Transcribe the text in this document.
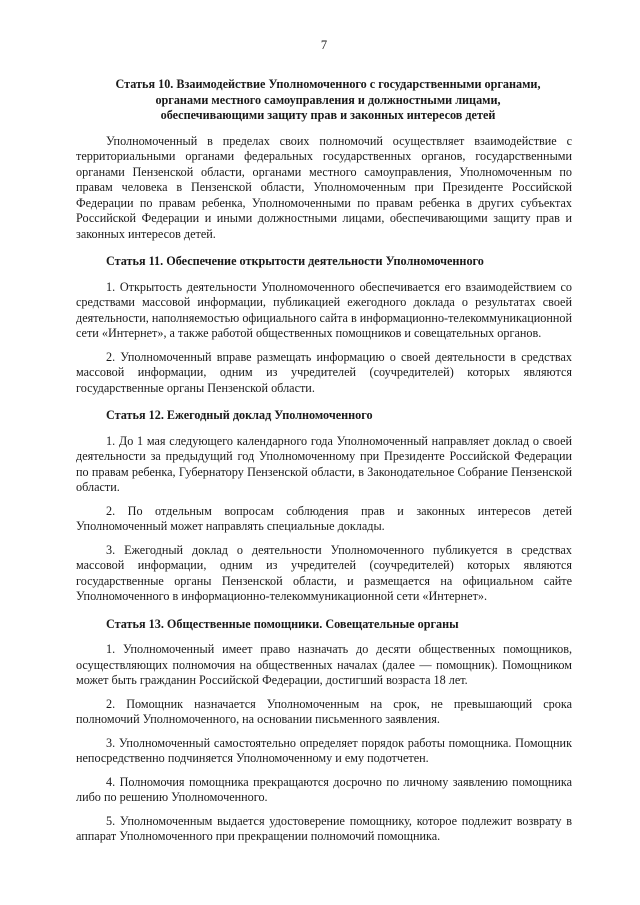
7
Статья 10. Взаимодействие Уполномоченного с государственными органами,
органами местного самоуправления и должностными лицами,
обеспечивающими защиту прав и законных интересов детей

Уполномоченный в пределах своих полномочий осуществляет взаимодействие с территориальными органами федеральных государственных органов, государственными органами Пензенской области, органами местного самоуправления, Уполномоченным по правам человека в Пензенской области, Уполномоченным при Президенте Российской Федерации по правам ребенка, Уполномоченными по правам ребенка в других субъектах Российской Федерации и иными должностными лицами, обеспечивающими защиту прав и законных интересов детей.

Статья 11. Обеспечение открытости деятельности Уполномоченного

1. Открытость деятельности Уполномоченного обеспечивается его взаимодействием со средствами массовой информации, публикацией ежегодного доклада о результатах своей деятельности, наполняемостью официального сайта в информационно-телекоммуникационной сети «Интернет», а также работой общественных помощников и совещательных органов.

2. Уполномоченный вправе размещать информацию о своей деятельности в средствах массовой информации, одним из учредителей (соучредителей) которых являются государственные органы Пензенской области.

Статья 12. Ежегодный доклад Уполномоченного

1. До 1 мая следующего календарного года Уполномоченный направляет доклад о своей деятельности за предыдущий год Уполномоченному при Президенте Российской Федерации по правам ребенка, Губернатору Пензенской области, в Законодательное Собрание Пензенской области.

2. По отдельным вопросам соблюдения прав и законных интересов детей Уполномоченный может направлять специальные доклады.

3. Ежегодный доклад о деятельности Уполномоченного публикуется в средствах массовой информации, одним из учредителей (соучредителей) которых являются государственные органы Пензенской области, и размещается на официальном сайте Уполномоченного в информационно-телекоммуникационной сети «Интернет».

Статья 13. Общественные помощники. Совещательные органы

1. Уполномоченный имеет право назначать до десяти общественных помощников, осуществляющих полномочия на общественных началах (далее — помощник). Помощником может быть гражданин Российской Федерации, достигший возраста 18 лет.

2. Помощник назначается Уполномоченным на срок, не превышающий срока полномочий Уполномоченного, на основании письменного заявления.

3. Уполномоченный самостоятельно определяет порядок работы помощника. Помощник непосредственно подчиняется Уполномоченному и ему подотчетен.

4. Полномочия помощника прекращаются досрочно по личному заявлению помощника либо по решению Уполномоченного.

5. Уполномоченным выдается удостоверение помощнику, которое подлежит возврату в аппарат Уполномоченного при прекращении полномочий помощника.
